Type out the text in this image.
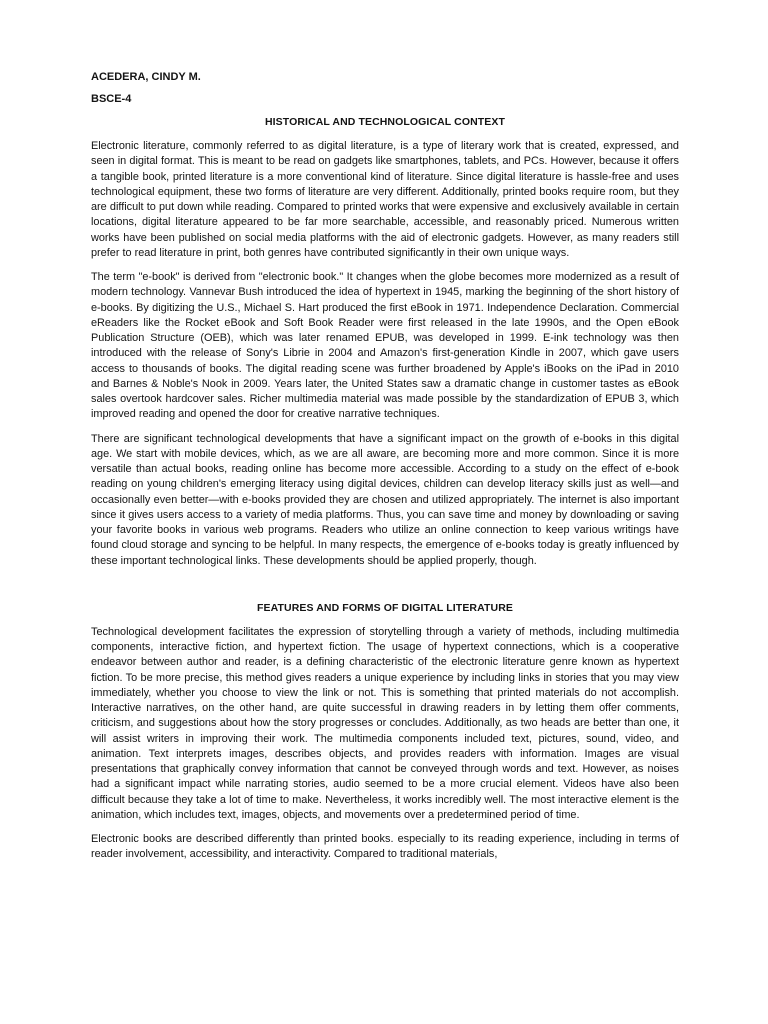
ACEDERA, CINDY M.
BSCE-4
HISTORICAL AND TECHNOLOGICAL CONTEXT

Electronic literature, commonly referred to as digital literature, is a type of literary work that is created, expressed, and seen in digital format. This is meant to be read on gadgets like smartphones, tablets, and PCs. However, because it offers a tangible book, printed literature is a more conventional kind of literature. Since digital literature is hassle-free and uses technological equipment, these two forms of literature are very different. Additionally, printed books require room, but they are difficult to put down while reading. Compared to printed works that were expensive and exclusively available in certain locations, digital literature appeared to be far more searchable, accessible, and reasonably priced. Numerous written works have been published on social media platforms with the aid of electronic gadgets. However, as many readers still prefer to read literature in print, both genres have contributed significantly in their own unique ways.

The term "e-book" is derived from "electronic book." It changes when the globe becomes more modernized as a result of modern technology. Vannevar Bush introduced the idea of hypertext in 1945, marking the beginning of the short history of e-books. By digitizing the U.S., Michael S. Hart produced the first eBook in 1971. Independence Declaration. Commercial eReaders like the Rocket eBook and Soft Book Reader were first released in the late 1990s, and the Open eBook Publication Structure (OEB), which was later renamed EPUB, was developed in 1999. E-ink technology was then introduced with the release of Sony's Librie in 2004 and Amazon's first-generation Kindle in 2007, which gave users access to thousands of books. The digital reading scene was further broadened by Apple's iBooks on the iPad in 2010 and Barnes & Noble's Nook in 2009. Years later, the United States saw a dramatic change in customer tastes as eBook sales overtook hardcover sales. Richer multimedia material was made possible by the standardization of EPUB 3, which improved reading and opened the door for creative narrative techniques.

There are significant technological developments that have a significant impact on the growth of e-books in this digital age. We start with mobile devices, which, as we are all aware, are becoming more and more common. Since it is more versatile than actual books, reading online has become more accessible. According to a study on the effect of e-book reading on young children's emerging literacy using digital devices, children can develop literacy skills just as well—and occasionally even better—with e-books provided they are chosen and utilized appropriately. The internet is also important since it gives users access to a variety of media platforms. Thus, you can save time and money by downloading or saving your favorite books in various web programs. Readers who utilize an online connection to keep various writings have found cloud storage and syncing to be helpful. In many respects, the emergence of e-books today is greatly influenced by these important technological links. These developments should be applied properly, though.

FEATURES AND FORMS OF DIGITAL LITERATURE

Technological development facilitates the expression of storytelling through a variety of methods, including multimedia components, interactive fiction, and hypertext fiction. The usage of hypertext connections, which is a cooperative endeavor between author and reader, is a defining characteristic of the electronic literature genre known as hypertext fiction. To be more precise, this method gives readers a unique experience by including links in stories that you may view immediately, whether you choose to view the link or not. This is something that printed materials do not accomplish. Interactive narratives, on the other hand, are quite successful in drawing readers in by letting them offer comments, criticism, and suggestions about how the story progresses or concludes. Additionally, as two heads are better than one, it will assist writers in improving their work. The multimedia components included text, pictures, sound, video, and animation. Text interprets images, describes objects, and provides readers with information. Images are visual presentations that graphically convey information that cannot be conveyed through words and text. However, as noises had a significant impact while narrating stories, audio seemed to be a more crucial element. Videos have also been difficult because they take a lot of time to make. Nevertheless, it works incredibly well. The most interactive element is the animation, which includes text, images, objects, and movements over a predetermined period of time.

Electronic books are described differently than printed books. especially to its reading experience, including in terms of reader involvement, accessibility, and interactivity. Compared to traditional materials,
